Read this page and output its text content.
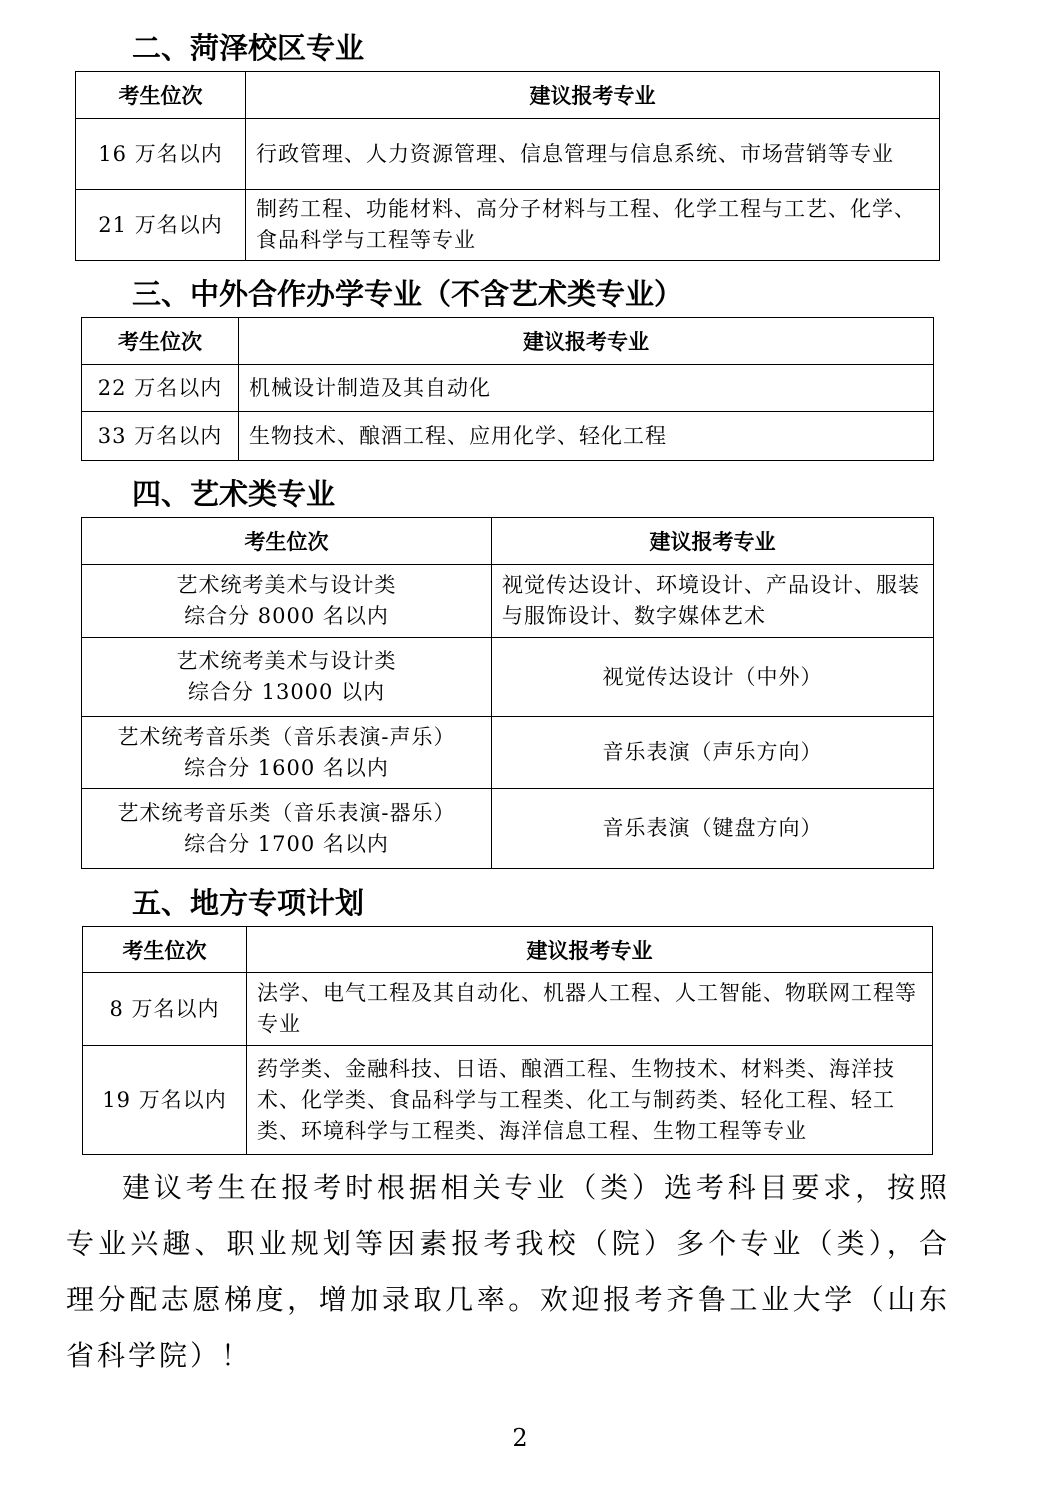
二、菏泽校区专业
考生位次	建议报考专业
16 万名以内	行政管理、人力资源管理、信息管理与信息系统、市场营销等专业
21 万名以内	制药工程、功能材料、高分子材料与工程、化学工程与工艺、化学、食品科学与工程等专业
三、中外合作办学专业（不含艺术类专业）
考生位次	建议报考专业
22 万名以内	机械设计制造及其自动化
33 万名以内	生物技术、酿酒工程、应用化学、轻化工程
四、艺术类专业
考生位次	建议报考专业

艺术统考美术与设计类
综合分 8000 名以内	视觉传达设计、环境设计、产品设计、服装与服饰设计、数字媒体艺术

艺术统考美术与设计类
综合分 13000 以内	视觉传达设计（中外）

艺术统考音乐类（音乐表演-声乐）
综合分 1600 名以内	音乐表演（声乐方向）

艺术统考音乐类（音乐表演-器乐）
综合分 1700 名以内	音乐表演（键盘方向）
五、地方专项计划
考生位次	建议报考专业
8 万名以内	法学、电气工程及其自动化、机器人工程、人工智能、物联网工程等专业
19 万名以内	药学类、金融科技、日语、酿酒工程、生物技术、材料类、海洋技术、化学类、食品科学与工程类、化工与制药类、轻化工程、轻工类、环境科学与工程类、海洋信息工程、生物工程等专业

建议考生在报考时根据相关专业（类）选考科目要求，按照专业兴趣、职业规划等因素报考我校（院）多个专业（类），合理分配志愿梯度，增加录取几率。欢迎报考齐鲁工业大学（山东省科学院）！

2
